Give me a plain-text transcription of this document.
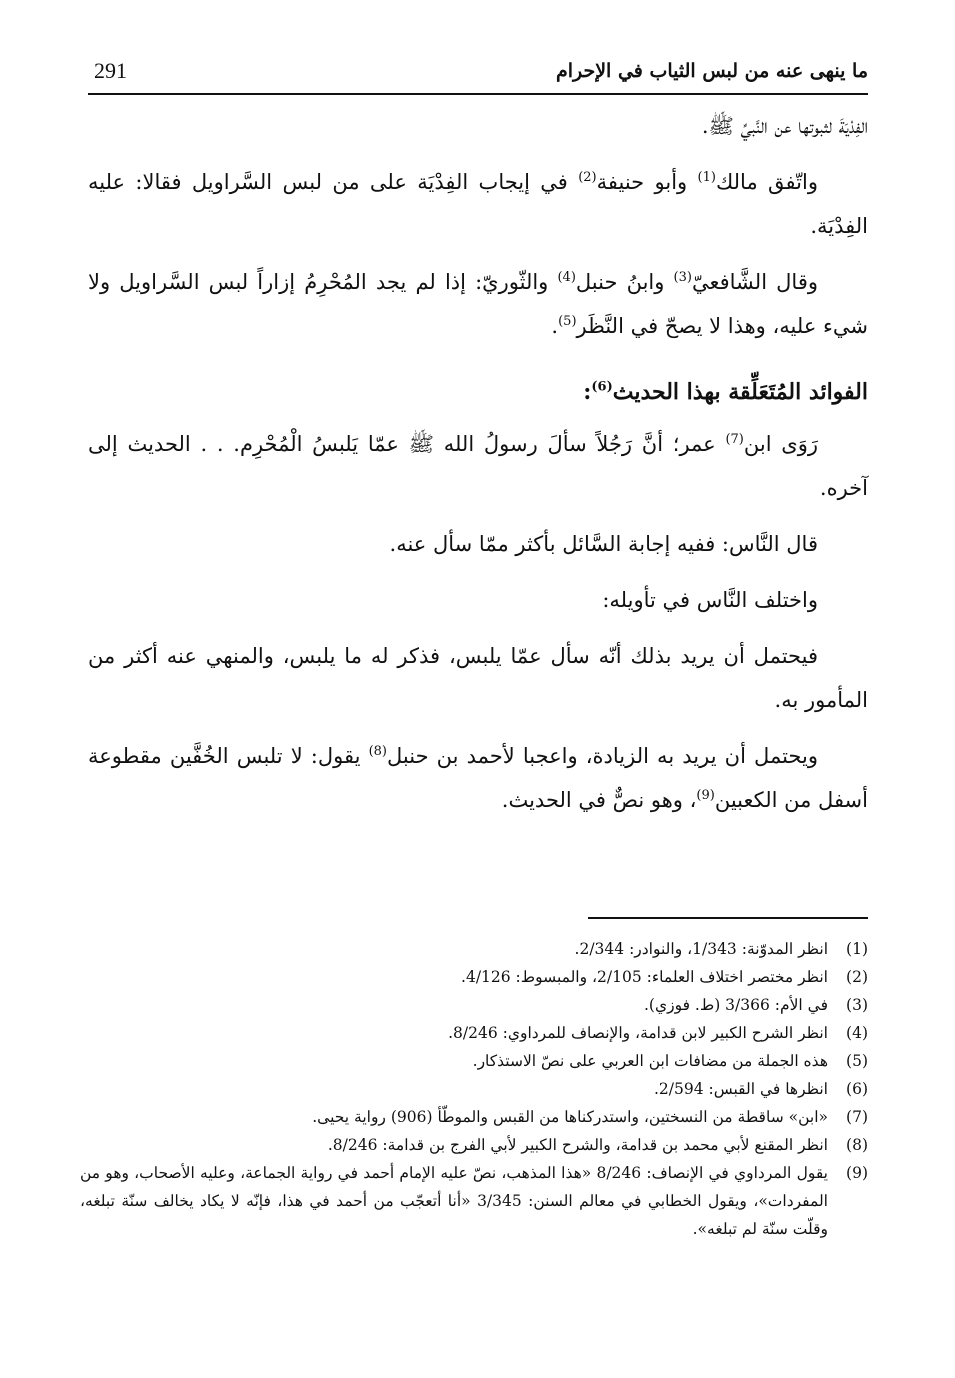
291	ما ينهى عنه من لبس الثياب في الإحرام

الفِدْيَةَ لثبوتها عن النَّبيِّ ﷺ.

واتّفق مالك$^{(1)}$ وأبو حنيفة$^{(2)}$ في إيجاب الفِدْيَة على من لبس السَّراويل فقالا: عليه الفِدْيَة.

وقال الشَّافعيّ$^{(3)}$ وابنُ حنبل$^{(4)}$ والثّوريّ: إذا لم يجد المُحْرِمُ إزاراً لبس السَّراويل ولا شيء عليه، وهذا لا يصحّ في النَّظَر$^{(5)}$.

الفوائد المُتَعَلِّقة بهذا الحديث$^{(6)}$:

رَوَى ابن$^{(7)}$ عمر؛ أنَّ رَجُلاً سألَ رسولُ الله ﷺ عمّا يَلبسُ الْمُحْرِم. . . الحديث إلى آخره.

قال النَّاس: ففيه إجابة السَّائل بأكثر ممّا سأل عنه.

واختلف النَّاس في تأويله:

فيحتمل أن يريد بذلك أنّه سأل عمّا يلبس، فذكر له ما يلبس، والمنهي عنه أكثر من المأمور به.

ويحتمل أن يريد به الزيادة، واعجبا لأحمد بن حنبل$^{(8)}$ يقول: لا تلبس الخُفَّين مقطوعة أسفل من الكعبين$^{(9)}$، وهو نصٌّ في الحديث.

(1)
انظر المدوّنة: 1/343، والنوادر: 2/344.
(2)
انظر مختصر اختلاف العلماء: 2/105، والمبسوط: 4/126.
(3)
في الأم: 3/366 (ط. فوزي).
(4)
انظر الشرح الكبير لابن قدامة، والإنصاف للمرداوي: 8/246.
(5)
هذه الجملة من مضافات ابن العربي على نصّ الاستذكار.
(6)
انظرها في القبس: 2/594.
(7)
«ابن» ساقطة من النسختين، واستدركناها من القبس والموطّأ (906) رواية يحيى.
(8)
انظر المقنع لأبي محمد بن قدامة، والشرح الكبير لأبي الفرج بن قدامة: 8/246.
(9)
يقول المرداوي في الإنصاف: 8/246 «هذا المذهب، نصّ عليه الإمام أحمد في رواية الجماعة، وعليه الأصحاب، وهو من المفردات»، ويقول الخطابي في معالم السنن: 3/345 «أنا أتعجّب من أحمد في هذا، فإنّه لا يكاد يخالف سنّة تبلغه، وقلّت سنّة لم تبلغه».
